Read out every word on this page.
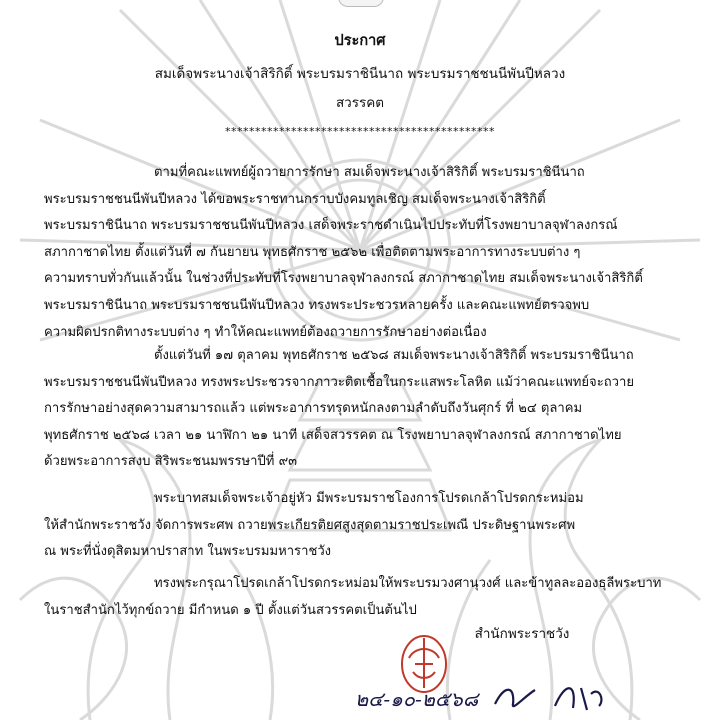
ประกาศ
สมเด็จพระนางเจ้าสิริกิติ์ พระบรมราชินีนาถ พระบรมราชชนนีพันปีหลวง
สวรรคต
*********************************************
ตามที่คณะแพทย์ผู้ถวายการรักษา สมเด็จพระนางเจ้าสิริกิติ์ พระบรมราชินีนาถ
พระบรมราชชนนีพันปีหลวง ได้ขอพระราชทานกราบบังคมทูลเชิญ สมเด็จพระนางเจ้าสิริกิติ์
พระบรมราชินีนาถ พระบรมราชชนนีพันปีหลวง เสด็จพระราชดำเนินไปประทับที่โรงพยาบาลจุฬาลงกรณ์
สภากาชาดไทย ตั้งแต่วันที่ ๗ กันยายน พุทธศักราช ๒๕๖๒ เพื่อติดตามพระอาการทางระบบต่าง ๆ
ความทราบทั่วกันแล้วนั้น ในช่วงที่ประทับที่โรงพยาบาลจุฬาลงกรณ์ สภากาชาดไทย สมเด็จพระนางเจ้าสิริกิติ์
พระบรมราชินีนาถ พระบรมราชชนนีพันปีหลวง ทรงพระประชวรหลายครั้ง และคณะแพทย์ตรวจพบ
ความผิดปรกติทางระบบต่าง ๆ ทำให้คณะแพทย์ต้องถวายการรักษาอย่างต่อเนื่อง
ตั้งแต่วันที่ ๑๗ ตุลาคม พุทธศักราช ๒๕๖๘ สมเด็จพระนางเจ้าสิริกิติ์ พระบรมราชินีนาถ
พระบรมราชชนนีพันปีหลวง ทรงพระประชวรจากภาวะติดเชื้อในกระแสพระโลหิต แม้ว่าคณะแพทย์จะถวาย
การรักษาอย่างสุดความสามารถแล้ว แต่พระอาการทรุดหนักลงตามลำดับถึงวันศุกร์ ที่ ๒๔ ตุลาคม
พุทธศักราช ๒๕๖๘ เวลา ๒๑ นาฬิกา ๒๑ นาที เสด็จสวรรคต ณ โรงพยาบาลจุฬาลงกรณ์ สภากาชาดไทย
ด้วยพระอาการสงบ สิริพระชนมพรรษาปีที่ ๙๓
พระบาทสมเด็จพระเจ้าอยู่หัว มีพระบรมราชโองการโปรดเกล้าโปรดกระหม่อม
ให้สำนักพระราชวัง จัดการพระศพ ถวายพระเกียรติยศสูงสุดตามราชประเพณี ประดิษฐานพระศพ
ณ พระที่นั่งดุสิตมหาปราสาท ในพระบรมมหาราชวัง
ทรงพระกรุณาโปรดเกล้าโปรดกระหม่อมให้พระบรมวงศานุวงศ์ และข้าทูลละอองธุลีพระบาท
ในราชสำนักไว้ทุกข์ถวาย มีกำหนด ๑ ปี ตั้งแต่วันสวรรคตเป็นต้นไป
สำนักพระราชวัง
๒๔-๑๐-๒๕๖๘
